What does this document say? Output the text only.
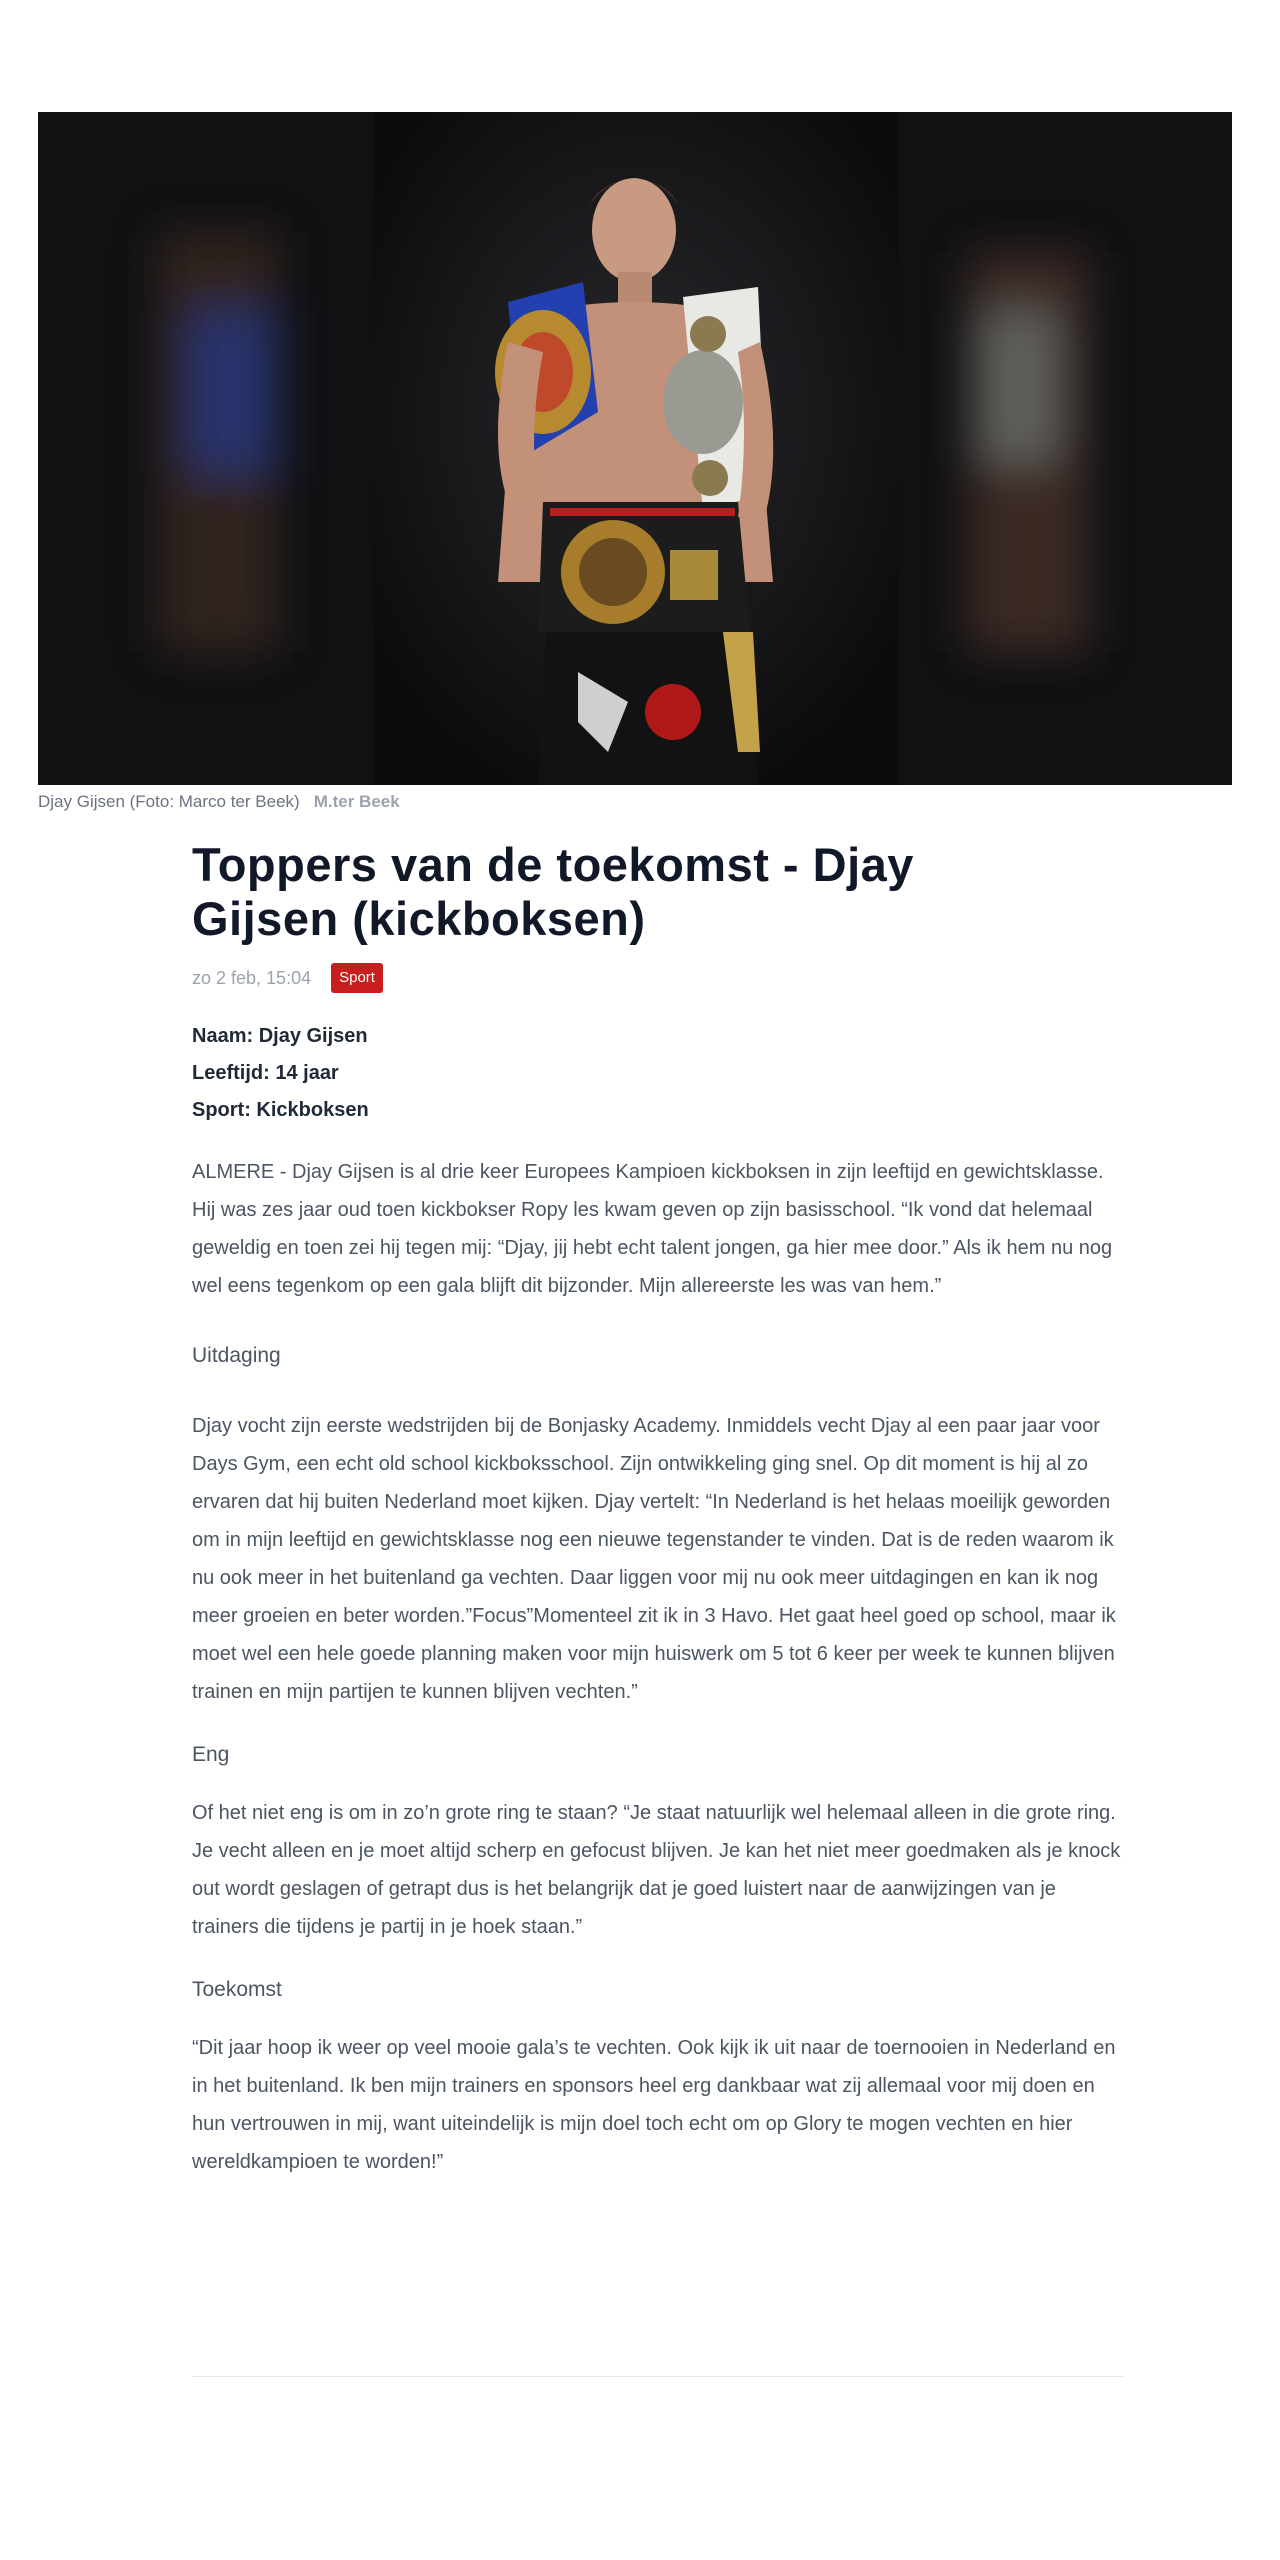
Djay Gijsen (Foto: Marco ter Beek) M.ter Beek
Toppers van de toekomst - Djay Gijsen (kickboksen)
zo 2 feb, 15:04	Sport
Naam: Djay Gijsen
Leeftijd: 14 jaar
Sport: Kickboksen

ALMERE - Djay Gijsen is al drie keer Europees Kampioen kickboksen in zijn leeftijd en gewichtsklasse. Hij was zes jaar oud toen kickbokser Ropy les kwam geven op zijn basisschool. “Ik vond dat helemaal geweldig en toen zei hij tegen mij: “Djay, jij hebt echt talent jongen, ga hier mee door.” Als ik hem nu nog wel eens tegenkom op een gala blijft dit bijzonder. Mijn allereerste les was van hem.”

Uitdaging

Djay vocht zijn eerste wedstrijden bij de Bonjasky Academy. Inmiddels vecht Djay al een paar jaar voor Days Gym, een echt old school kickboksschool. Zijn ontwikkeling ging snel. Op dit moment is hij al zo ervaren dat hij buiten Nederland moet kijken. Djay vertelt: “In Nederland is het helaas moeilijk geworden om in mijn leeftijd en gewichtsklasse nog een nieuwe tegenstander te vinden. Dat is de reden waarom ik nu ook meer in het buitenland ga vechten. Daar liggen voor mij nu ook meer uitdagingen en kan ik nog meer groeien en beter worden.”Focus”Momenteel zit ik in 3 Havo. Het gaat heel goed op school, maar ik moet wel een hele goede planning maken voor mijn huiswerk om 5 tot 6 keer per week te kunnen blijven trainen en mijn partijen te kunnen blijven vechten.”

Eng

Of het niet eng is om in zo’n grote ring te staan? “Je staat natuurlijk wel helemaal alleen in die grote ring. Je vecht alleen en je moet altijd scherp en gefocust blijven. Je kan het niet meer goedmaken als je knock out wordt geslagen of getrapt dus is het belangrijk dat je goed luistert naar de aanwijzingen van je trainers die tijdens je partij in je hoek staan.”

Toekomst

“Dit jaar hoop ik weer op veel mooie gala’s te vechten. Ook kijk ik uit naar de toernooien in Nederland en in het buitenland. Ik ben mijn trainers en sponsors heel erg dankbaar wat zij allemaal voor mij doen en hun vertrouwen in mij, want uiteindelijk is mijn doel toch echt om op Glory te mogen vechten en hier wereldkampioen te worden!”
